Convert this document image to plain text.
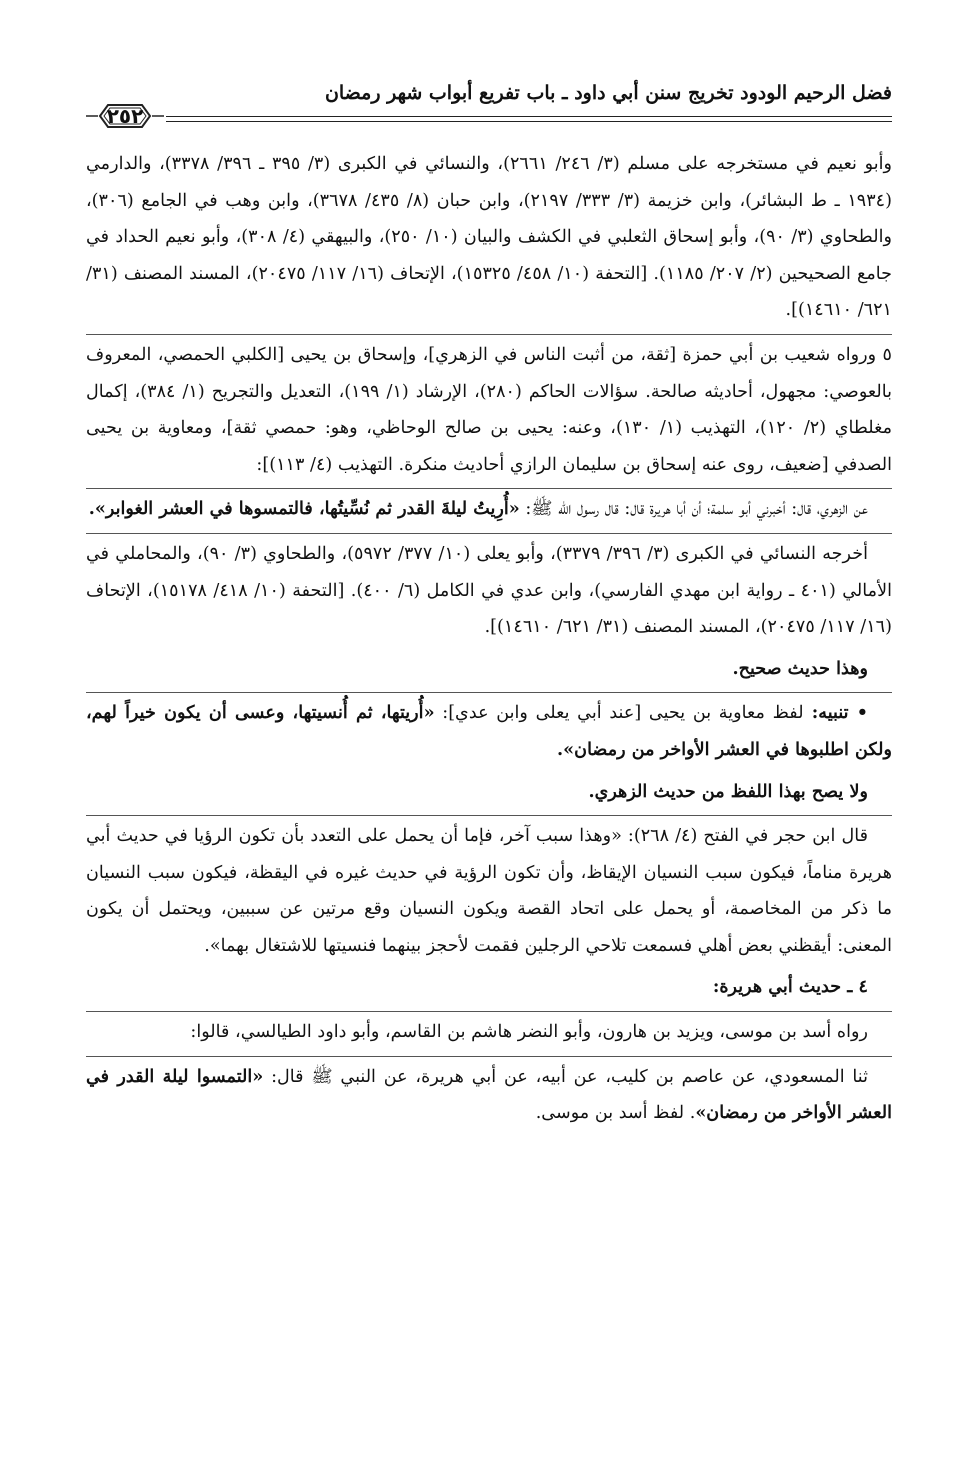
فضل الرحيم الودود تخريج سنن أبي داود ـ باب تفريع أبواب شهر رمضان
٢٥٢

وأبو نعيم في مستخرجه على مسلم (٣/ ٢٤٦/ ٢٦٦١)، والنسائي في الكبرى (٣/ ٣٩٥ ـ ٣٩٦/ ٣٣٧٨)، والدارمي (١٩٣٤ ـ ط البشائر)، وابن خزيمة (٣/ ٣٣٣/ ٢١٩٧)، وابن حبان (٨/ ٤٣٥/ ٣٦٧٨)، وابن وهب في الجامع (٣٠٦)، والطحاوي (٣/ ٩٠)، وأبو إسحاق الثعلبي في الكشف والبيان (١٠/ ٢٥٠)، والبيهقي (٤/ ٣٠٨)، وأبو نعيم الحداد في جامع الصحيحين (٢/ ٢٠٧/ ١١٨٥). [التحفة (١٠/ ٤٥٨/ ١٥٣٢٥)، الإتحاف (١٦/ ١١٧/ ٢٠٤٧٥)، المسند المصنف (٣١/ ٦٢١/ ١٤٦١٠)].

٥ ورواه شعيب بن أبي حمزة [ثقة، من أثبت الناس في الزهري]، وإسحاق بن يحيى [الكلبي الحمصي، المعروف بالعوصي: مجهول، أحاديثه صالحة. سؤالات الحاكم (٢٨٠)، الإرشاد (١/ ١٩٩)، التعديل والتجريح (١/ ٣٨٤)، إكمال مغلطاي (٢/ ١٢٠)، التهذيب (١/ ١٣٠)، وعنه: يحيى بن صالح الوحاظي، وهو: حمصي ثقة]، ومعاوية بن يحيى الصدفي [ضعيف، روى عنه إسحاق بن سليمان الرازي أحاديث منكرة. التهذيب (٤/ ١١٣)]:

عن الزهري، قال: أخبرني أبو سلمة؛ أن أبا هريرة قال: قال رسول الله ﷺ: «أُرِيتُ ليلةَ القدر ثم نُسِّيتُها، فالتمسوها في العشر الغوابر».

أخرجه النسائي في الكبرى (٣/ ٣٩٦/ ٣٣٧٩)، وأبو يعلى (١٠/ ٣٧٧/ ٥٩٧٢)، والطحاوي (٣/ ٩٠)، والمحاملي في الأمالي (٤٠١ ـ رواية ابن مهدي الفارسي)، وابن عدي في الكامل (٦/ ٤٠٠). [التحفة (١٠/ ٤١٨/ ١٥١٧٨)، الإتحاف (١٦/ ١١٧/ ٢٠٤٧٥)، المسند المصنف (٣١/ ٦٢١/ ١٤٦١٠)].

وهذا حديث صحيح.

• تنبيه: لفظ معاوية بن يحيى [عند أبي يعلى وابن عدي]: «أُريتها، ثم أُنسيتها، وعسى أن يكون خيراً لهم، ولكن اطلبوها في العشر الأواخر من رمضان».

ولا يصح بهذا اللفظ من حديث الزهري.

قال ابن حجر في الفتح (٤/ ٢٦٨): «وهذا سبب آخر، فإما أن يحمل على التعدد بأن تكون الرؤيا في حديث أبي هريرة مناماً، فيكون سبب النسيان الإيقاظ، وأن تكون الرؤية في حديث غيره في اليقظة، فيكون سبب النسيان ما ذكر من المخاصمة، أو يحمل على اتحاد القصة ويكون النسيان وقع مرتين عن سببين، ويحتمل أن يكون المعنى: أيقظني بعض أهلي فسمعت تلاحي الرجلين فقمت لأحجز بينهما فنسيتها للاشتغال بهما».

٤ ـ حديث أبي هريرة:

رواه أسد بن موسى، ويزيد بن هارون، وأبو النضر هاشم بن القاسم، وأبو داود الطيالسي، قالوا:

ثنا المسعودي، عن عاصم بن كليب، عن أبيه، عن أبي هريرة، عن النبي ﷺ قال: «التمسوا ليلة القدر في العشر الأواخر من رمضان». لفظ أسد بن موسى.
